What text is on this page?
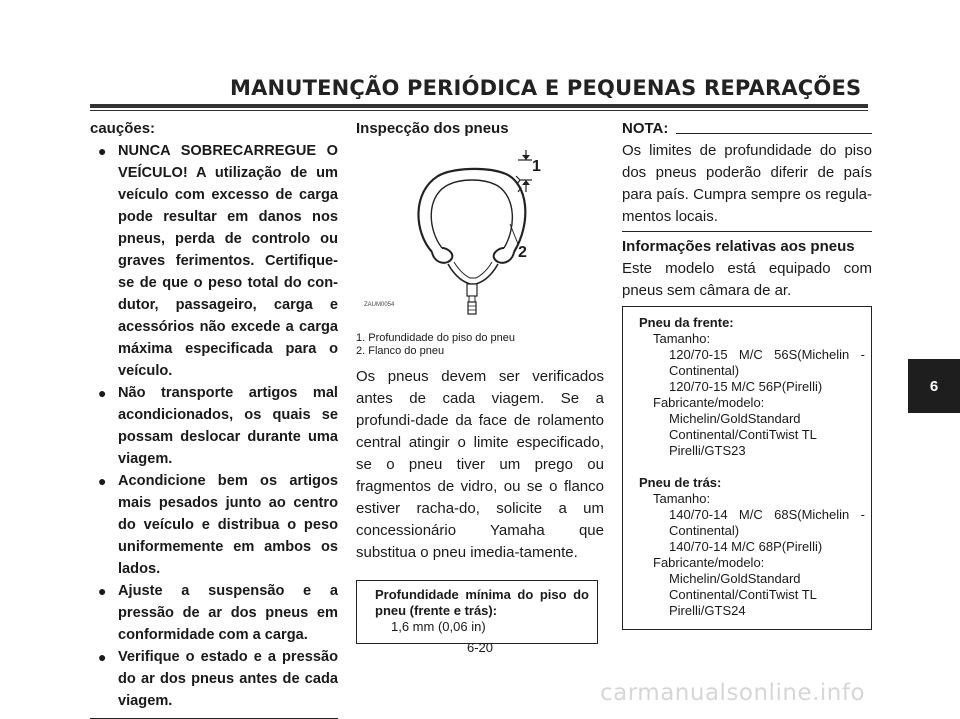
MANUTENÇÃO PERIÓDICA E PEQUENAS REPARAÇÕES
cauções:
● NUNCA SOBRECARREGUE O VEÍCULO! A utilização de um veículo com excesso de carga pode resultar em danos nos pneus, perda de controlo ou graves ferimentos. Certifique-se de que o peso total do con-dutor, passageiro, carga e acessórios não excede a carga máxima especificada para o veículo.
● Não transporte artigos mal acondicionados, os quais se possam deslocar durante uma viagem.
● Acondicione bem os artigos mais pesados junto ao centro do veículo e distribua o peso uniformemente em ambos os lados.
● Ajuste a suspensão e a pressão de ar dos pneus em conformidade com a carga.
● Verifique o estado e a pressão do ar dos pneus antes de cada viagem.
Inspecção dos pneus
1
2
ZAUM0054
1. Profundidade do piso do pneu
2. Flanco do pneu
Os pneus devem ser verificados antes de cada viagem. Se a profundi-dade da face de rolamento central atingir o limite especificado, se o pneu tiver um prego ou fragmentos de vidro, ou se o flanco estiver racha-do, solicite a um concessionário Yamaha que substitua o pneu imedia-tamente.
Profundidade mínima do piso do pneu (frente e trás):
1,6 mm (0,06 in)
NOTA:
Os limites de profundidade do piso dos pneus poderão diferir de país para país. Cumpra sempre os regula-mentos locais.
Informações relativas aos pneus
Este modelo está equipado com pneus sem câmara de ar.
Pneu da frente:
Tamanho:
120/70-15 M/C 56S(Michelin - Continental)
120/70-15 M/C 56P(Pirelli)
Fabricante/modelo:
Michelin/GoldStandard
Continental/ContiTwist TL
Pirelli/GTS23
Pneu de trás:
Tamanho:
140/70-14 M/C 68S(Michelin - Continental)
140/70-14 M/C 68P(Pirelli)
Fabricante/modelo:
Michelin/GoldStandard
Continental/ContiTwist TL
Pirelli/GTS24
6-20
6
carmanualsonline.info
